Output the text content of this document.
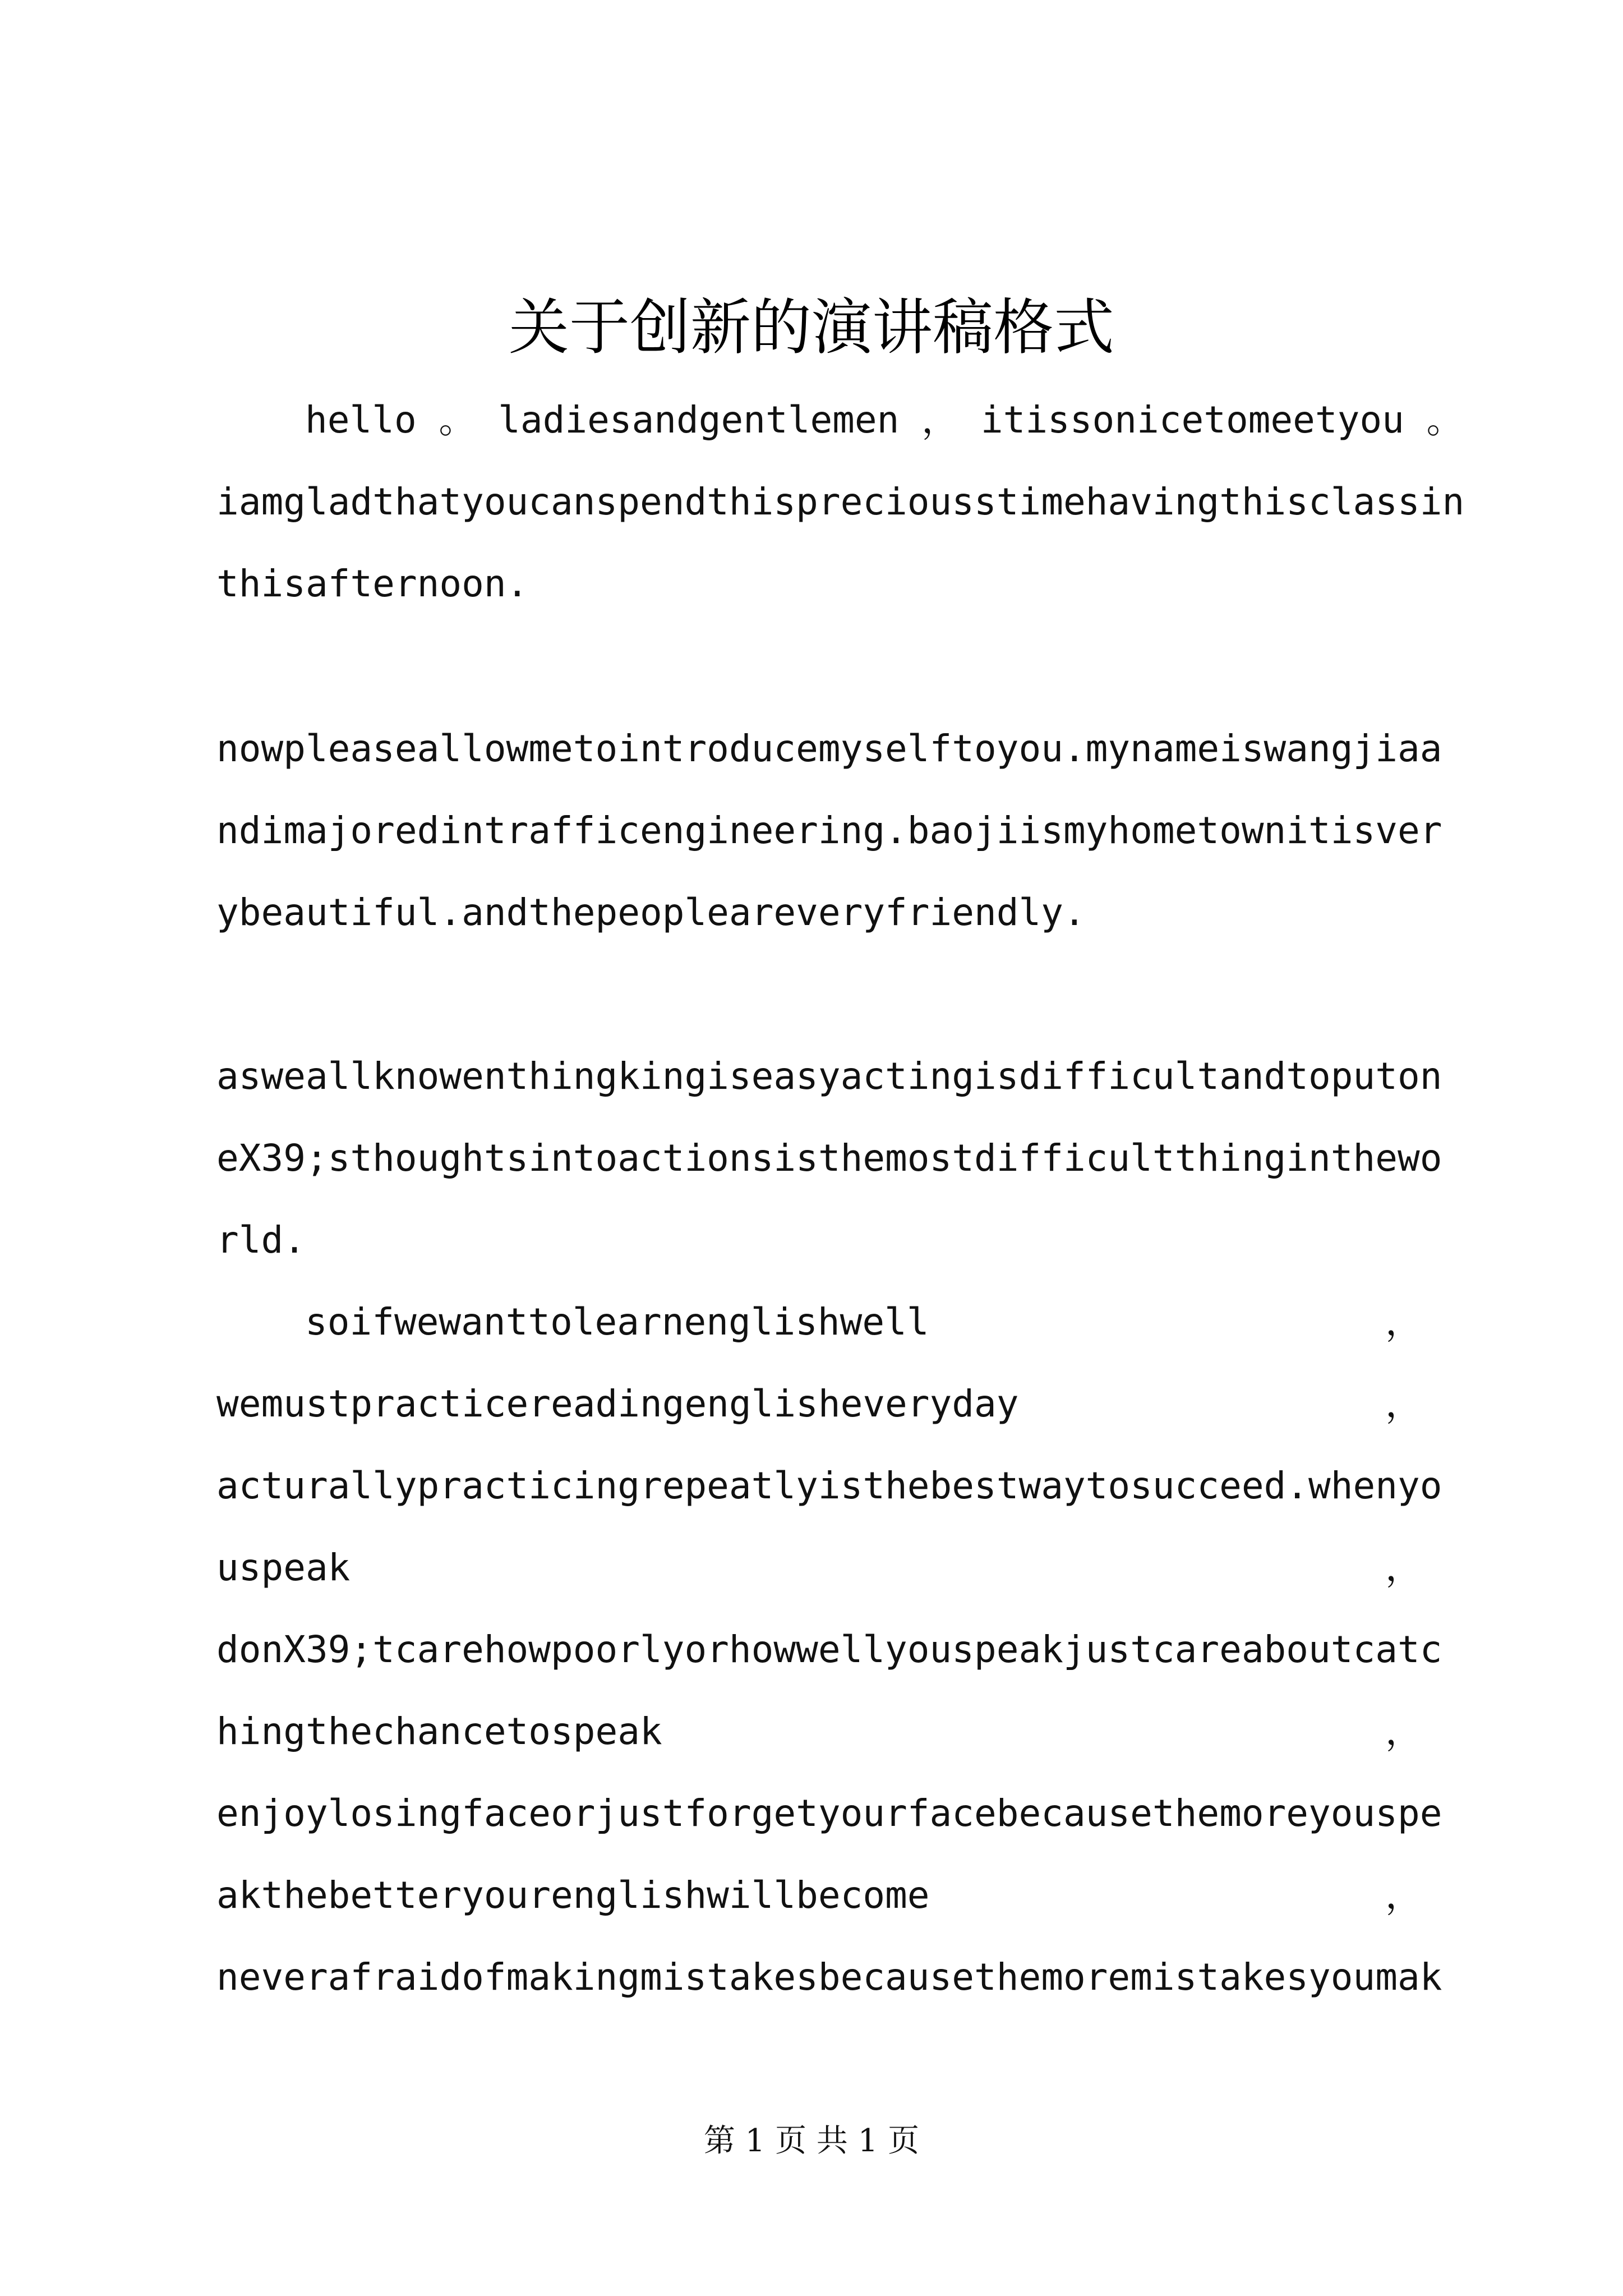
关于创新的演讲稿格式
hello 。 ladiesandgentlemen ， itissonicetomeetyou 。
iamgladthatyoucanspendthispreciousstimehavingthisclassin
thisafternoon.
nowpleaseallowmetointroducemyselftoyou.mynameiswangjiaa
ndimajoredintrafficengineering.baojiismyhometownitisver
ybeautiful.andthepeopleareveryfriendly.
asweallknowenthingkingiseasyactingisdifficultandtoputon
eX39;sthoughtsintoactionsisthemostdifficultthinginthewo
rld.
soifwewanttolearnenglishwell	，
wemustpracticereadingenglisheveryday	，
acturallypracticingrepeatlyisthebestwaytosucceed.whenyo
uspeak	，
donX39;tcarehowpoorlyorhowwellyouspeakjustcareaboutcatc
hingthechancetospeak	，
enjoylosingfaceorjustforgetyourfacebecausethemoreyouspe
akthebetteryourenglishwillbecome	，
neverafraidofmakingmistakesbecausethemoremistakesyoumak
第 1 页 共 1 页
